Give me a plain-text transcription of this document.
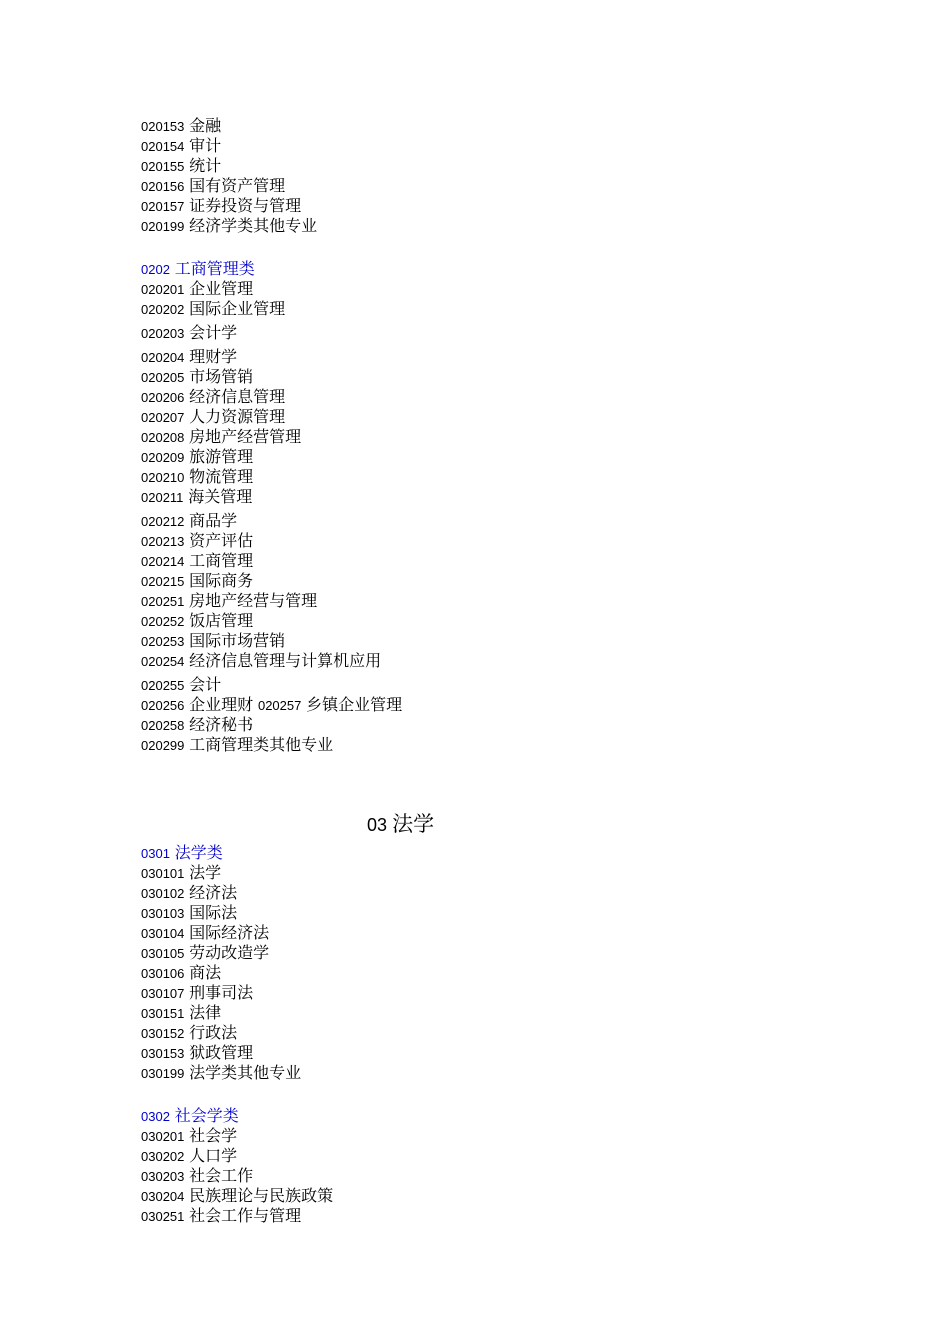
020153 金融
020154 审计
020155 统计
020156 国有资产管理
020157 证券投资与管理
020199 经济学类其他专业
0202 工商管理类
020201 企业管理
020202 国际企业管理
020203 会计学
020204 理财学
020205 市场管销
020206 经济信息管理
020207 人力资源管理
020208 房地产经营管理
020209 旅游管理
020210 物流管理
020211 海关管理
020212 商品学
020213 资产评估
020214 工商管理
020215 国际商务
020251 房地产经营与管理
020252 饭店管理
020253 国际市场营销
020254 经济信息管理与计算机应用
020255 会计
020256 企业理财 020257 乡镇企业管理
020258 经济秘书
020299 工商管理类其他专业
03 法学
0301 法学类
030101 法学
030102 经济法
030103 国际法
030104 国际经济法
030105 劳动改造学
030106 商法
030107 刑事司法
030151 法律
030152 行政法
030153 狱政管理
030199 法学类其他专业
0302 社会学类
030201 社会学
030202 人口学
030203 社会工作
030204 民族理论与民族政策
030251 社会工作与管理
